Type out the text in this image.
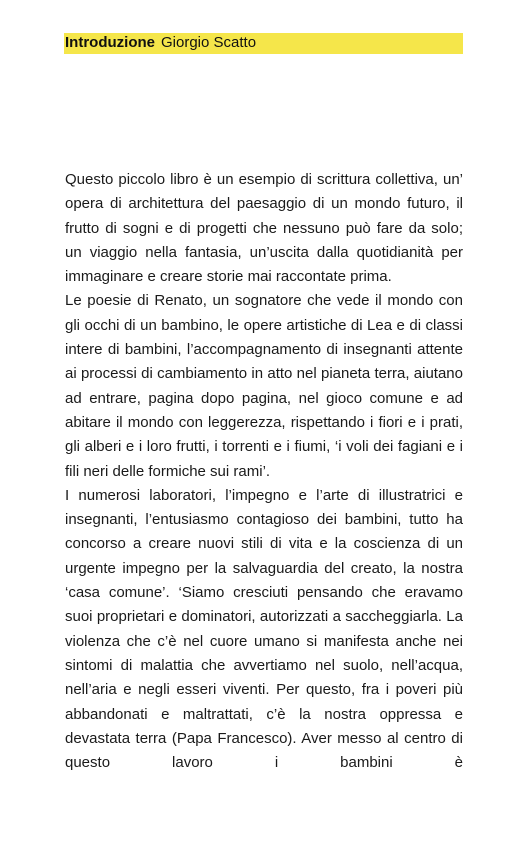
Introduzione Giorgio Scatto

Questo piccolo libro è un esempio di scrittura collettiva, un’ opera di architettura del paesaggio di un mondo futuro, il frutto di sogni e di progetti che nessuno può fare da solo; un viaggio nella fantasia, un’uscita dalla quotidianità per immaginare e creare storie mai raccontate prima.

Le poesie di Renato, un sognatore che vede il mondo con gli occhi di un bambino, le opere artistiche di Lea e di classi intere di bambini, l’accompagnamento di insegnanti attente ai processi di cambiamento in atto nel pianeta terra, aiutano ad entrare, pagina dopo pagina, nel gioco comune e ad abitare il mondo con leggerezza, rispettando i fiori e i prati, gli alberi e i loro frutti, i torrenti e i fiumi, ‘i voli dei fagiani e i fili neri delle formiche sui rami’.

I numerosi laboratori, l’impegno e l’arte di illustratrici e insegnanti, l’entusiasmo contagioso dei bambini, tutto ha concorso a creare nuovi stili di vita e la coscienza di un urgente impegno per la salvaguardia del creato, la nostra ‘casa comune’. ‘Siamo cresciuti pensando che eravamo suoi proprietari e dominatori, autorizzati a saccheggiarla. La violenza che c’è nel cuore umano si manifesta anche nei sintomi di malattia che avvertiamo nel suolo, nell’acqua, nell’aria e negli esseri viventi. Per questo, fra i poveri più abbandonati e maltrattati, c’è la nostra oppressa e devastata terra (Papa Francesco). Aver messo al centro di questo lavoro i bambini è
